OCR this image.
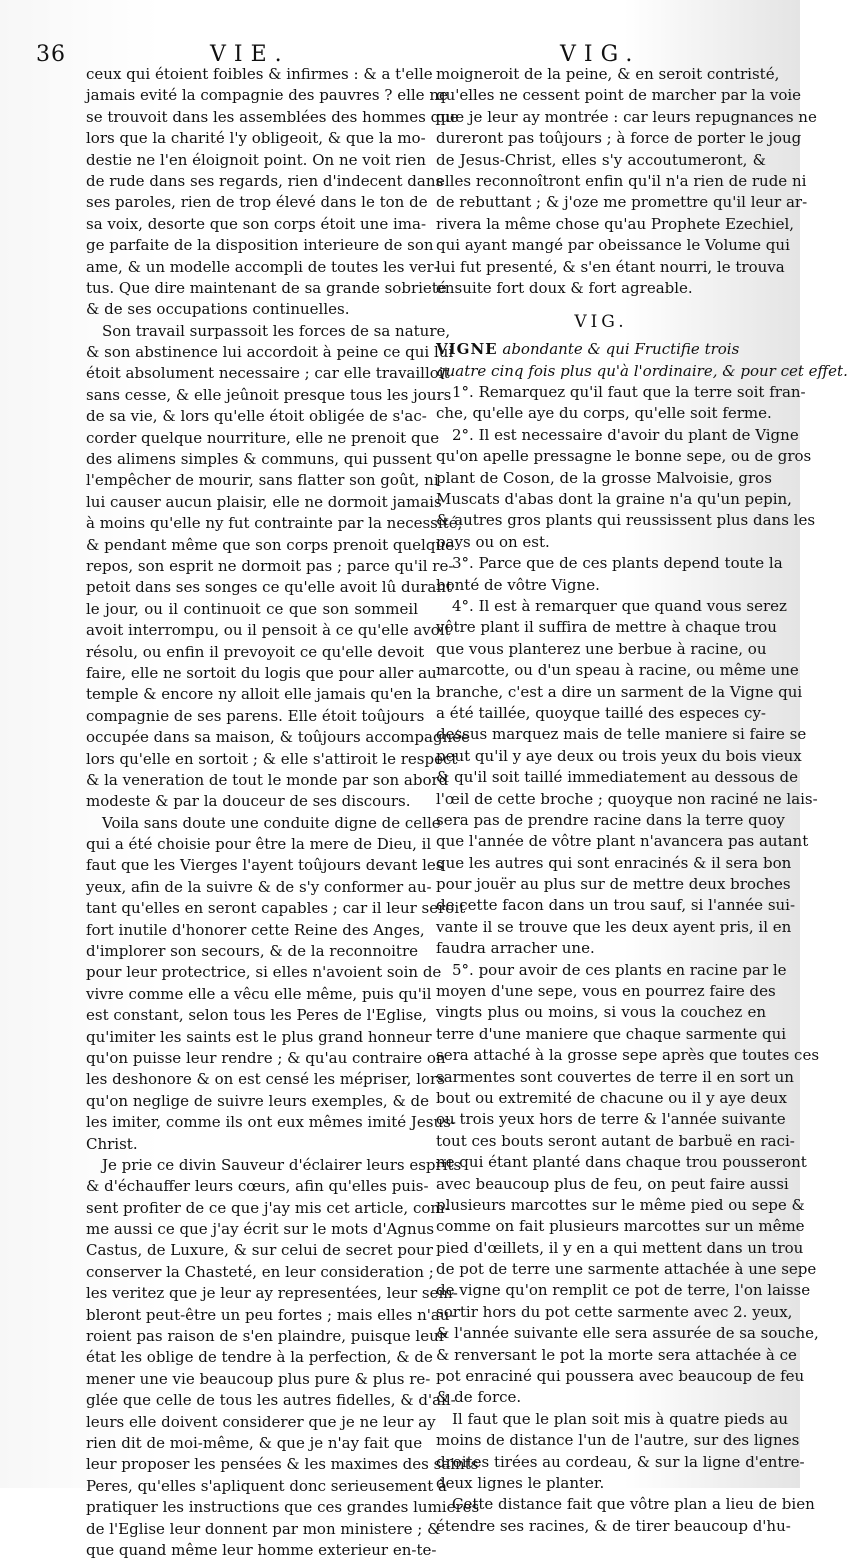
36	VIE.	VIG.
ceux qui étoient foibles & infirmes : & a t'elle
jamais evité la compagnie des pauvres ? elle ne
se trouvoit dans les assemblées des hommes que
lors que la charité l'y obligeoit, & que la mo-
destie ne l'en éloignoit point. On ne voit rien
de rude dans ses regards, rien d'indecent dans
ses paroles, rien de trop élevé dans le ton de
sa voix, desorte que son corps étoit une ima-
ge parfaite de la disposition interieure de son
ame, & un modelle accompli de toutes les ver-
tus. Que dire maintenant de sa grande sobrieté
& de ses occupations continuelles.
Son travail surpassoit les forces de sa nature,
& son abstinence lui accordoit à peine ce qui lui
étoit absolument necessaire ; car elle travailloit
sans cesse, & elle jeûnoit presque tous les jours
de sa vie, & lors qu'elle étoit obligée de s'ac-
corder quelque nourriture, elle ne prenoit que
des alimens simples & communs, qui pussent
l'empêcher de mourir, sans flatter son goût, ni
lui causer aucun plaisir, elle ne dormoit jamais
à moins qu'elle ny fut contrainte par la necessité;
& pendant même que son corps prenoit quelque
repos, son esprit ne dormoit pas ; parce qu'il re-
petoit dans ses songes ce qu'elle avoit lû durant
le jour, ou il continuoit ce que son sommeil
avoit interrompu, ou il pensoit à ce qu'elle avoit
résolu, ou enfin il prevoyoit ce qu'elle devoit
faire, elle ne sortoit du logis que pour aller au
temple & encore ny alloit elle jamais qu'en la
compagnie de ses parens. Elle étoit toûjours
occupée dans sa maison, & toûjours accompagnée
lors qu'elle en sortoit ; & elle s'attiroit le respect
& la veneration de tout le monde par son abord
modeste & par la douceur de ses discours.
Voila sans doute une conduite digne de celle
qui a été choisie pour être la mere de Dieu, il
faut que les Vierges l'ayent toûjours devant les
yeux, afin de la suivre & de s'y conformer au-
tant qu'elles en seront capables ; car il leur seroit
fort inutile d'honorer cette Reine des Anges,
d'implorer son secours, & de la reconnoitre
pour leur protectrice, si elles n'avoient soin de
vivre comme elle a vêcu elle même, puis qu'il
est constant, selon tous les Peres de l'Eglise,
qu'imiter les saints est le plus grand honneur
qu'on puisse leur rendre ; & qu'au contraire on
les deshonore & on est censé les mépriser, lors
qu'on neglige de suivre leurs exemples, & de
les imiter, comme ils ont eux mêmes imité Jesus-
Christ.
Je prie ce divin Sauveur d'éclairer leurs esprits
& d'échauffer leurs cœurs, afin qu'elles puis-
sent profiter de ce que j'ay mis cet article, com-
me aussi ce que j'ay écrit sur le mots d'Agnus
Castus, de Luxure, & sur celui de secret pour
conserver la Chasteté, en leur consideration ;
les veritez que je leur ay representées, leur sem-
bleront peut-être un peu fortes ; mais elles n'au-
roient pas raison de s'en plaindre, puisque leur
état les oblige de tendre à la perfection, & de
mener une vie beaucoup plus pure & plus re-
glée que celle de tous les autres fidelles, & d'ail-
leurs elle doivent considerer que je ne leur ay
rien dit de moi-même, & que je n'ay fait que
leur proposer les pensées & les maximes des saints
Peres, qu'elles s'apliquent donc serieusement à
pratiquer les instructions que ces grandes lumieres
de l'Eglise leur donnent par mon ministere ; &
que quand même leur homme exterieur en-te-
moigneroit de la peine, & en seroit contristé,
qu'elles ne cessent point de marcher par la voie
que je leur ay montrée : car leurs repugnances ne
dureront pas toûjours ; à force de porter le joug
de Jesus-Christ, elles s'y accoutumeront, &
elles reconnoîtront enfin qu'il n'a rien de rude ni
de rebuttant ; & j'oze me promettre qu'il leur ar-
rivera la même chose qu'au Prophete Ezechiel,
qui ayant mangé par obeissance le Volume qui
lui fut presenté, & s'en étant nourri, le trouva
ensuite fort doux & fort agreable.
VIG.
VIGNE abondante & qui Fructifie trois
quatre cinq fois plus qu'à l'ordinaire, & pour cet effet.
1°. Remarquez qu'il faut que la terre soit fran-
che, qu'elle aye du corps, qu'elle soit ferme.
2°. Il est necessaire d'avoir du plant de Vigne
qu'on apelle pressagne le bonne sepe, ou de gros
plant de Coson, de la grosse Malvoisie, gros
Muscats d'abas dont la graine n'a qu'un pepin,
& autres gros plants qui reussissent plus dans les
pays ou on est.
3°. Parce que de ces plants depend toute la
bonté de vôtre Vigne.
4°. Il est à remarquer que quand vous serez
vôtre plant il suffira de mettre à chaque trou
que vous planterez une berbue à racine, ou
marcotte, ou d'un speau à racine, ou même une
branche, c'est a dire un sarment de la Vigne qui
a été taillée, quoyque taillé des especes cy-
dessus marquez mais de telle maniere si faire se
peut qu'il y aye deux ou trois yeux du bois vieux
& qu'il soit taillé immediatement au dessous de
l'œil de cette broche ; quoyque non raciné ne lais-
sera pas de prendre racine dans la terre quoy
que l'année de vôtre plant n'avancera pas autant
que les autres qui sont enracinés & il sera bon
pour jouër au plus sur de mettre deux broches
de cette facon dans un trou sauf, si l'année sui-
vante il se trouve que les deux ayent pris, il en
faudra arracher une.
5°. pour avoir de ces plants en racine par le
moyen d'une sepe, vous en pourrez faire des
vingts plus ou moins, si vous la couchez en
terre d'une maniere que chaque sarmente qui
sera attaché à la grosse sepe après que toutes ces
sarmentes sont couvertes de terre il en sort un
bout ou extremité de chacune ou il y aye deux
ou trois yeux hors de terre & l'année suivante
tout ces bouts seront autant de barbuë en raci-
ne qui étant planté dans chaque trou pousseront
avec beaucoup plus de feu, on peut faire aussi
plusieurs marcottes sur le même pied ou sepe &
comme on fait plusieurs marcottes sur un même
pied d'œillets, il y en a qui mettent dans un trou
de pot de terre une sarmente attachée à une sepe
de vigne qu'on remplit ce pot de terre, l'on laisse
sortir hors du pot cette sarmente avec 2. yeux,
& l'année suivante elle sera assurée de sa souche,
& renversant le pot la morte sera attachée à ce
pot enraciné qui poussera avec beaucoup de feu
& de force.
Il faut que le plan soit mis à quatre pieds au
moins de distance l'un de l'autre, sur des lignes
droites tirées au cordeau, & sur la ligne d'entre-
deux lignes le planter.
Cette distance fait que vôtre plan a lieu de bien
étendre ses racines, & de tirer beaucoup d'hu-
